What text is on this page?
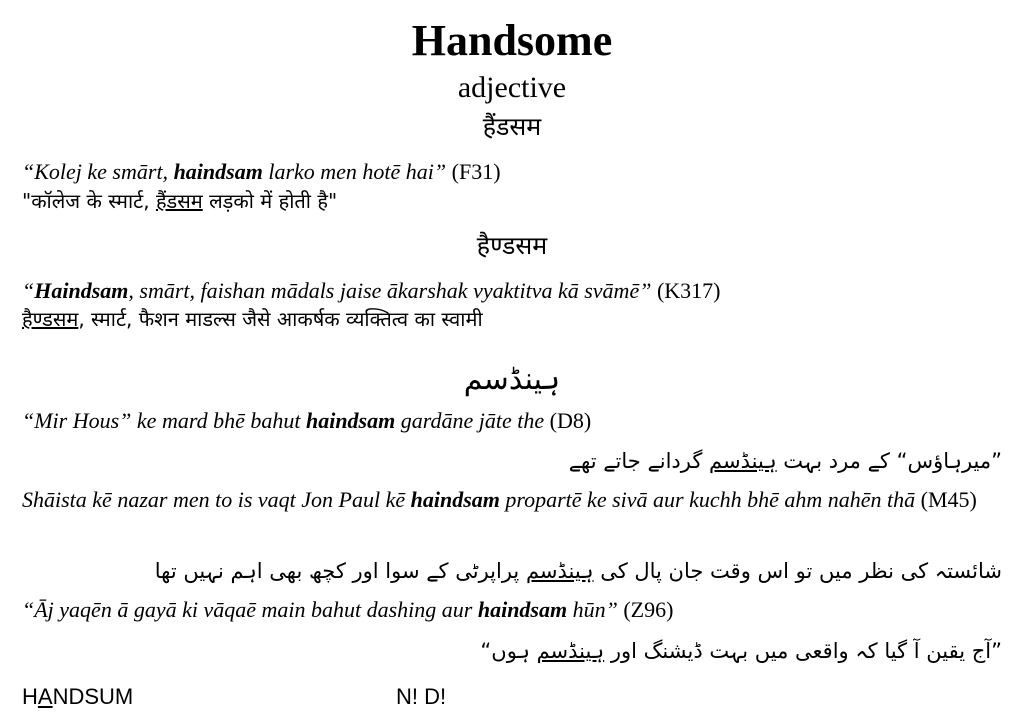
Handsome
adjective
हैंडसम
“Kolej ke smārt, haindsam larko men hotē hai” (F31)
"कॉलेज के स्मार्ट, हैंडसम लड़को में होती है"
हैण्डसम
“Haindsam, smārt, faishan mādals jaise ākarshak vyaktitva kā svāmē” (K317)
हैण्डसम, स्मार्ट, फैशन माडल्स जैसे आकर्षक व्यक्तित्व का स्वामी
ہینڈسم
“Mir Hous” ke mard bhē bahut haindsam gardāne jāte the (D8)
”میرہاؤس“ کے مرد بہت ہینڈسم گردانے جاتے تھے
Shāista kē nazar men to is vaqt Jon Paul kē haindsam propartē ke sivā aur kuchh bhē ahm nahēn thā (M45)
شائستہ کی نظر میں تو اس وقت جان پال کی ہینڈسم پراپرٹی کے سوا اور کچھ بھی اہم نہیں تھا
“Āj yaqēn ā gayā ki vāqaē main bahut dashing aur haindsam hūn” (Z96)
”آج یقین آ گیا کہ واقعی میں بہت ڈیشنگ اور ہینڈسم ہوں“
HANDSUM	N! D!
